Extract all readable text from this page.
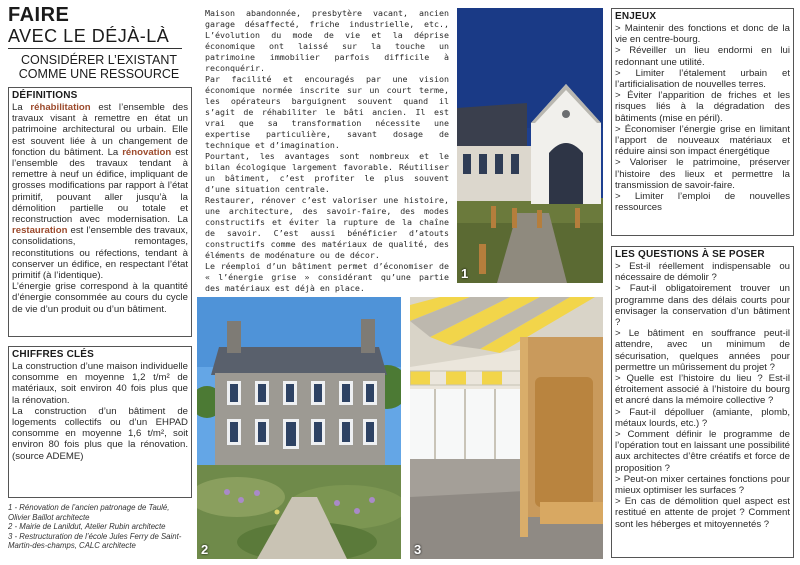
FAIRE
AVEC LE DÉJÀ-LÀ
CONSIDÉRER L’EXISTANT COMME UNE RESSOURCE
DÉFINITIONS

La réhabilitation est l’ensemble des travaux visant à remettre en état un patrimoine architectural ou urbain. Elle est souvent liée à un changement de fonction du bâtiment. La rénovation est l’ensemble des travaux tendant à remettre à neuf un édifice, impliquant de grosses modifications par rapport à l’état primitif, pouvant aller jusqu’à la démolition partielle ou totale et reconstruction avec modernisation. La restauration est l’ensemble des travaux, consolidations, remontages, reconstitutions ou réfections, tendant à conserver un édifice, en respectant l’état primitif (à l’identique).

L’énergie grise correspond à la quantité d’énergie consommée au cours du cycle de vie d’un produit ou d’un bâtiment.

CHIFFRES CLÉS

La construction d’une maison individuelle consomme en moyenne 1,2 t/m² de matériaux, soit environ 40 fois plus que la rénovation.

La construction d’un bâtiment de logements collectifs ou d’un EHPAD consomme en moyenne 1,6 t/m², soit environ 80 fois plus que la rénovation. (source ADEME)

1 - Rénovation de l’ancien patronage de Taulé, Olivier Baillot architecte
2 - Mairie de Lanildut, Atelier Rubin architecte
3 - Restructuration de l’école Jules Ferry de Saint-Martin-des-champs, CALC architecte

Maison abandonnée, presbytère vacant, ancien garage désaffecté, friche industrielle, etc., L’évolution du mode de vie et la déprise économique ont laissé sur la touche un patrimoine immobilier parfois difficile à reconquérir.

Par facilité et encouragés par une vision économique normée inscrite sur un court terme, les opérateurs barguignent souvent quand il s’agit de réhabiliter le bâti ancien. Il est vrai que sa transformation nécessite une expertise particulière, savant dosage de technique et d’imagination.

Pourtant, les avantages sont nombreux et le bilan écologique largement favorable. Réutiliser un bâtiment, c’est profiter le plus souvent d’une situation centrale.

Restaurer, rénover c’est valoriser une histoire, une architecture, des savoir-faire, des modes constructifs et éviter la rupture de la chaîne de savoir. C’est aussi bénéficier d’atouts constructifs comme des matériaux de qualité, des éléments de modénature ou de décor.

Le réemploi d’un bâtiment permet d’économiser de « l’énergie grise » considérant qu’une partie des matériaux est déjà en place.

1
2	3
ENJEUX

> Maintenir des fonctions et donc de la vie en centre-bourg.

> Réveiller un lieu endormi en lui redonnant une utilité.

> Limiter l’étalement urbain et l’artificialisation de nouvelles terres.

> Éviter l’apparition de friches et les risques liés à la dégradation des bâtiments (mise en péril).

> Économiser l’énergie grise en limitant l’apport de nouveaux matériaux et réduire ainsi son impact énergétique

> Valoriser le patrimoine, préserver l’histoire des lieux et permettre la transmission de savoir-faire.

> Limiter l’emploi de nouvelles ressources

LES QUESTIONS À SE POSER

> Est-il réellement indispensable ou nécessaire de démolir ?

> Faut-il obligatoirement trouver un programme dans des délais courts pour envisager la conservation d’un bâtiment ?

> Le bâtiment en souffrance peut-il attendre, avec un minimum de sécurisation, quelques années pour permettre un mûrissement du projet ?

> Quelle est l’histoire du lieu ? Est-il étroitement associé à l’histoire du bourg et ancré dans la mémoire collective ?

> Faut-il dépolluer (amiante, plomb, métaux lourds, etc.) ?

> Comment définir le programme de l’opération tout en laissant une possibilité aux architectes d’être créatifs et force de proposition ?

> Peut-on mixer certaines fonctions pour mieux optimiser les surfaces ?

> En cas de démolition quel aspect est restitué en attente de projet ? Comment sont les héberges et mitoyennetés ?
